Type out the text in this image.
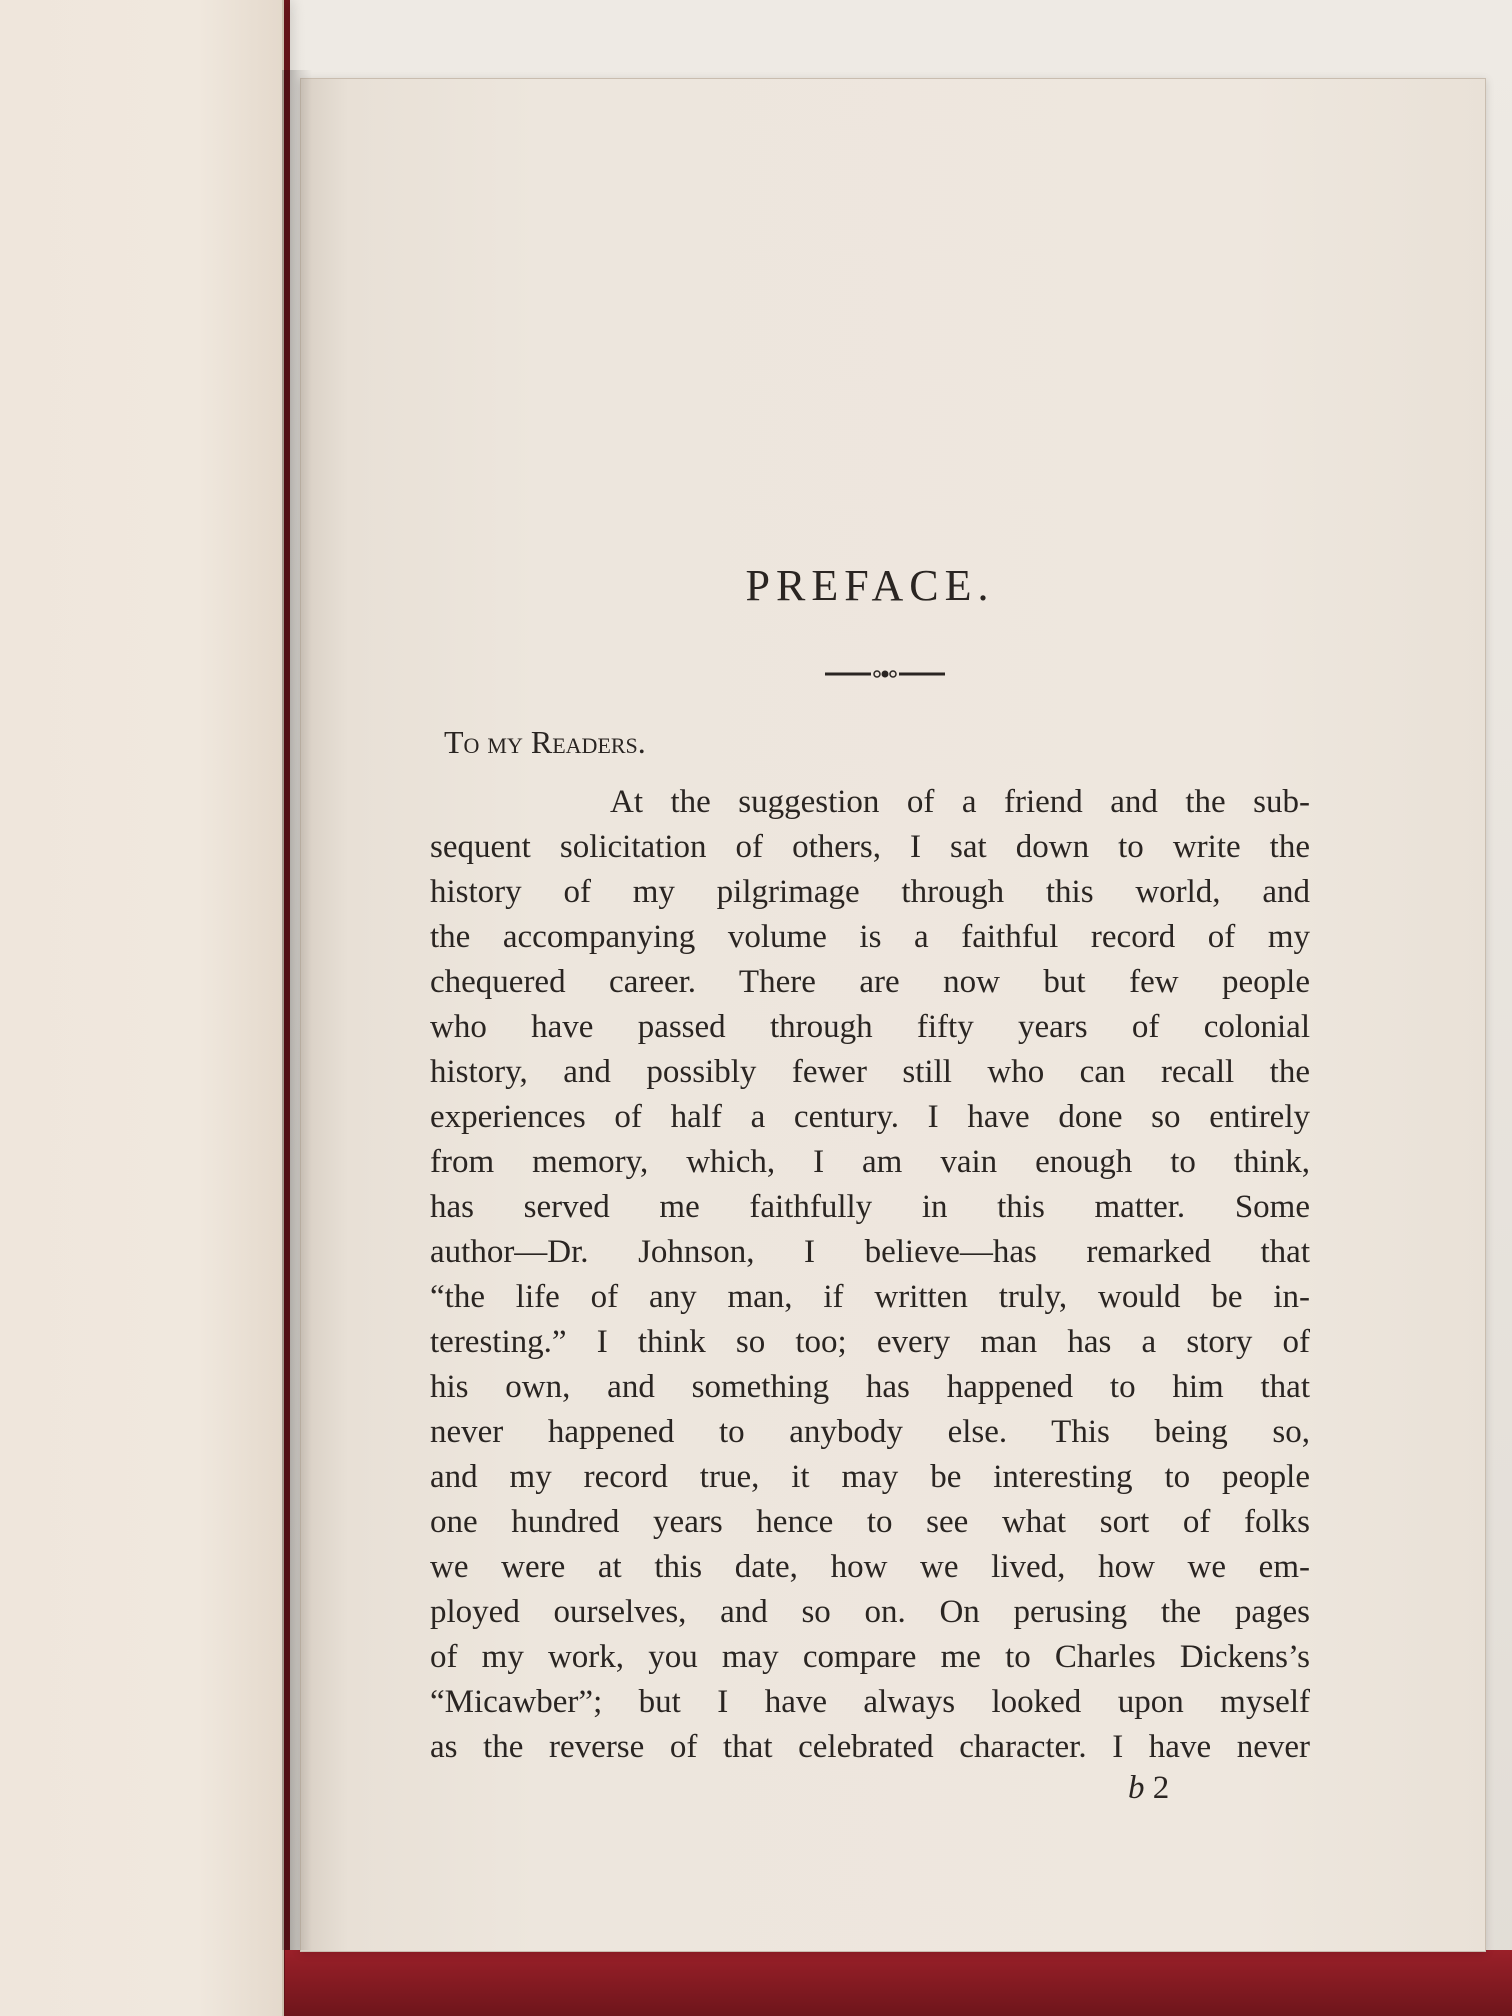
PREFACE.

To my Readers.

At the suggestion of a friend and the sub-
sequent solicitation of others, I sat down to write the
history of my pilgrimage through this world, and
the accompanying volume is a faithful record of my
chequered career. There are now but few people
who have passed through fifty years of colonial
history, and possibly fewer still who can recall the
experiences of half a century. I have done so entirely
from memory, which, I am vain enough to think,
has served me faithfully in this matter. Some
author—Dr. Johnson, I believe—has remarked that
“the life of any man, if written truly, would be in-
teresting.” I think so too; every man has a story of
his own, and something has happened to him that
never happened to anybody else. This being so,
and my record true, it may be interesting to people
one hundred years hence to see what sort of folks
we were at this date, how we lived, how we em-
ployed ourselves, and so on. On perusing the pages
of my work, you may compare me to Charles Dickens’s
“Micawber”; but I have always looked upon myself
as the reverse of that celebrated character. I have never

b 2
